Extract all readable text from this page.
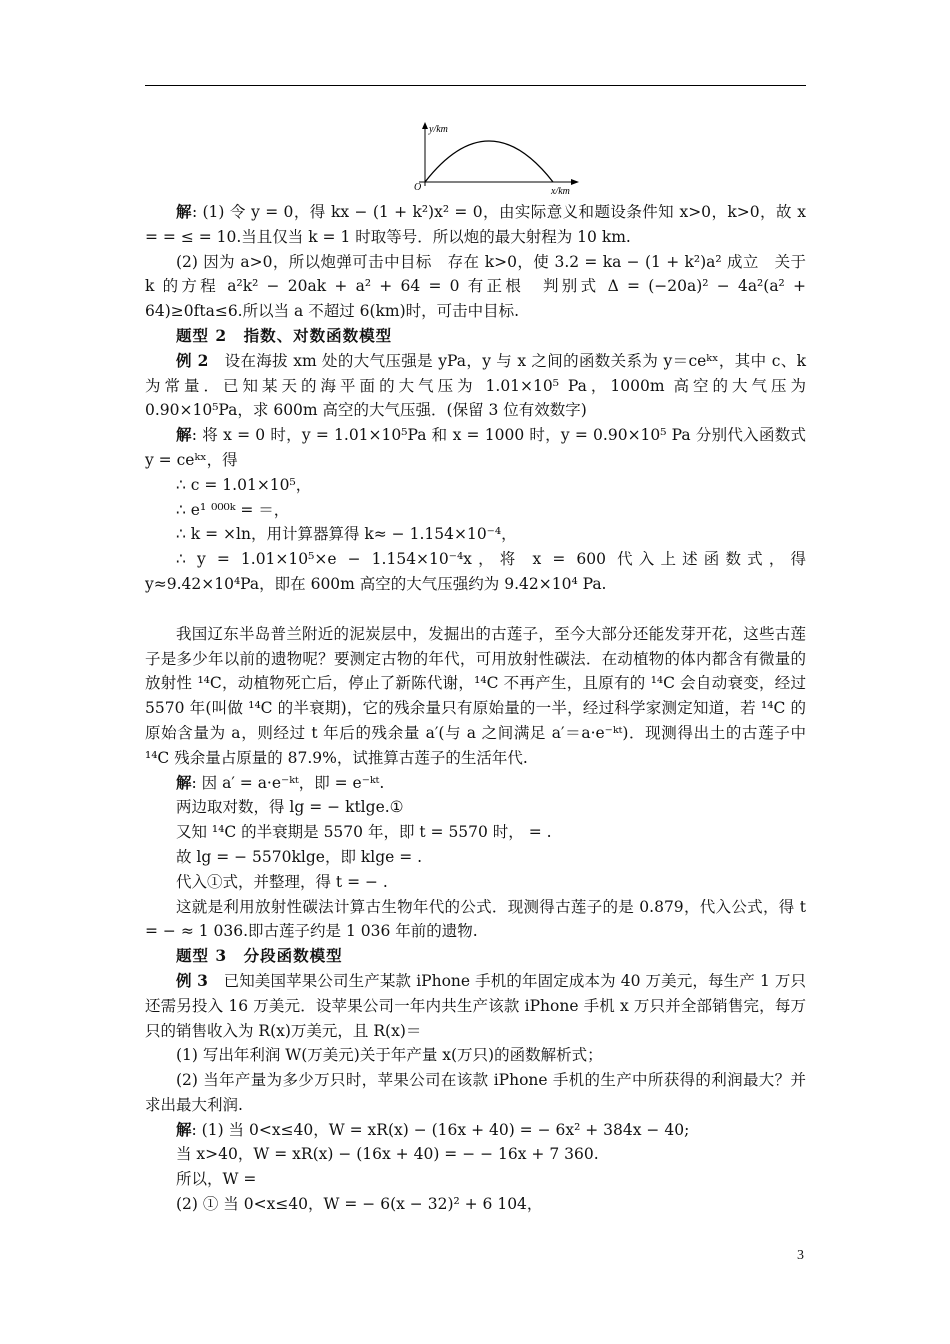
y/km
x/km
O

解: (1) 令 y = 0，得 kx − (1 + k²)x² = 0，由实际意义和题设条件知 x>0，k>0，故 x = = ≤ = 10.当且仅当 k = 1 时取等号．所以炮的最大射程为 10 km.

(2) 因为 a>0，所以炮弹可击中目标　存在 k>0，使 3.2 = ka − (1 + k²)a² 成立　关于 k 的方程 a²k² − 20ak + a² + 64 = 0 有正根　判别式 Δ = (−20a)² − 4a²(a² + 64)≥0fta≤6.所以当 a 不超过 6(km)时，可击中目标.

题型 2　指数、对数函数模型

例 2　设在海拔 xm 处的大气压强是 yPa，y 与 x 之间的函数关系为 y＝ceᵏˣ，其中 c、k 为常量．已知某天的海平面的大气压为 1.01×10⁵ Pa，1000m 高空的大气压为 0.90×10⁵Pa，求 600m 高空的大气压强．(保留 3 位有效数字)

解: 将 x = 0 时，y = 1.01×10⁵Pa 和 x = 1000 时，y = 0.90×10⁵ Pa 分别代入函数式 y = ceᵏˣ，得

∴ c = 1.01×10⁵，

∴ e¹ ⁰⁰⁰ᵏ = ＝，

∴ k = ×ln，用计算器算得 k≈ − 1.154×10⁻⁴，

∴ y = 1.01×10⁵×e − 1.154×10⁻⁴x，将 x = 600 代入上述函数式，得 y≈9.42×10⁴Pa，即在 600m 高空的大气压强约为 9.42×10⁴ Pa.

我国辽东半岛普兰附近的泥炭层中，发掘出的古莲子，至今大部分还能发芽开花，这些古莲子是多少年以前的遗物呢？要测定古物的年代，可用放射性碳法．在动植物的体内都含有微量的放射性 ¹⁴C，动植物死亡后，停止了新陈代谢，¹⁴C 不再产生，且原有的 ¹⁴C 会自动衰变，经过 5570 年(叫做 ¹⁴C 的半衰期)，它的残余量只有原始量的一半，经过科学家测定知道，若 ¹⁴C 的原始含量为 a，则经过 t 年后的残余量 a′(与 a 之间满足 a′＝a·e⁻ᵏᵗ)．现测得出土的古莲子中 ¹⁴C 残余量占原量的 87.9%，试推算古莲子的生活年代.

解: 因 a′ = a·e⁻ᵏᵗ，即 = e⁻ᵏᵗ.

两边取对数，得 lg = − ktlge.①

又知 ¹⁴C 的半衰期是 5570 年，即 t = 5570 时， = .

故 lg = − 5570klge，即 klge = .

代入①式，并整理，得 t = − .

这就是利用放射性碳法计算古生物年代的公式．现测得古莲子的是 0.879，代入公式，得 t = − ≈ 1 036.即古莲子约是 1 036 年前的遗物.

题型 3　分段函数模型

例 3　已知美国苹果公司生产某款 iPhone 手机的年固定成本为 40 万美元，每生产 1 万只还需另投入 16 万美元．设苹果公司一年内共生产该款 iPhone 手机 x 万只并全部销售完，每万只的销售收入为 R(x)万美元，且 R(x)＝

(1) 写出年利润 W(万美元)关于年产量 x(万只)的函数解析式；

(2) 当年产量为多少万只时，苹果公司在该款 iPhone 手机的生产中所获得的利润最大？并求出最大利润.

解: (1) 当 0<x≤40，W = xR(x) − (16x + 40) = − 6x² + 384x − 40;

当 x>40，W = xR(x) − (16x + 40) = − − 16x + 7 360.

所以，W =

(2) ① 当 0<x≤40，W = − 6(x − 32)² + 6 104，

3
